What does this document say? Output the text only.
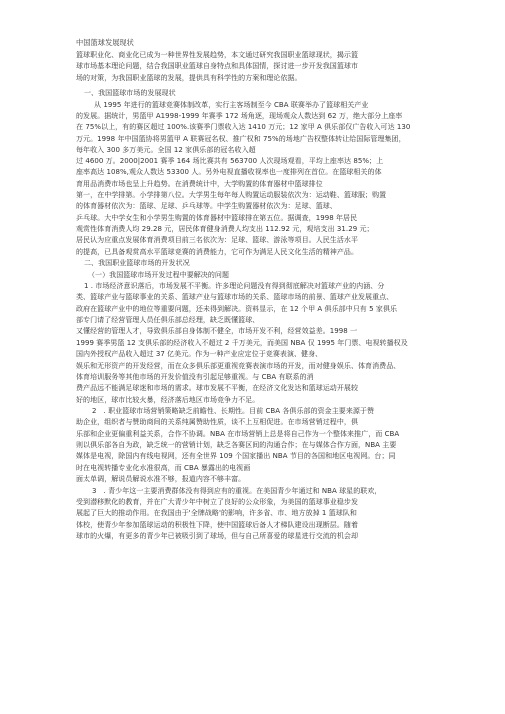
中国篮球发展现状
篮球职业化、商业化已成为一种世界性发展趋势，本文通过研究我国职业篮球现状，揭示篮
球市场基本理论问题，结合我国职业篮球自身特点和具体国情，探讨进一步开发我国篮球市
场的对策，为我国职业篮球的发展，提供具有科学性的方案和理论依据。
一、我国篮球市场的发展现状
从 1995 年进行的篮球竞赛体制改革，实行主客场制至今 CBA 联赛举办了篮球相关产业
的发展。据统计，男篮甲 A1998-1999 年赛季 172 场角逐，现场观众人数达到 62 万，绝大部分上座率
在 75%以上，有的赛区超过 100%.该赛季门票收入达 1410 万元；12 家甲 A 俱乐部仅广告收入可达 130
万元。1998 年中国篮协将男篮甲 A 联赛冠名权、推广权和 75%的场地广告权整体转让给国际管理集团，
每年收入 300 多万美元。全国 12 家俱乐部的冠名收入超
过 4600 万。2000|2001 赛季 164 场比赛共有 563700 人次现场观看，平均上座率达 85%；上
座率高达 108%,观众人数达 53300 人。另外电视直播收视率也一度排列在首位。在篮球相关的体
育用品消费市场也呈上升趋势。在消费统计中，大学购置的体育器材中篮球排位
第一，在中学排第。小学排第八位。大学男生每年每人购置运动服装依次为：运动鞋、篮球服；购置
的体育器材依次为：篮球、足球、乒乓球等。中学生购置器材依次为：足球、篮球、
乒乓球。大中学女生和小学男生购置的体育器材中篮球排在第五位。据调查，1998 年居民
观赏性体育消费人均 29.28 元，居民体育健身消费人均支出 112.92 元，观培支出 31.29 元；
居民认为应重点发展体育消费项目前三名依次为：足球、篮球、游泳等项目。人民生活水平
的提高，已具备观赏高水平篮球竞赛的消费能力，它可作为满足人民文化生活的精神产品。
二、我国职业篮球市场的开发状况
（一）我国篮球市场开发过程中要解决的问题
1 . 市场经济意识落后，市场发展不平衡。许多理论问题没有得到彻底解决对篮球产业的内涵、分
类、篮球产业与篮球事业的关系、篮球产业与篮球市场的关系、篮球市场的前景、篮球产业发展重点、
政府在篮球产业中的地位等重要问题，还未得到解决。资料显示，在 12 个甲 A 俱乐部中只有 5 家俱乐
部专门请了经营管理人员任俱乐部总经理，缺乏既懂篮球、
又懂经营的管理人才，导致俱乐部自身体制不健全，市场开发不利，经营效益差。1998 一
1999 赛季男篮 12 支俱乐部的经济收入不超过 2 千万美元，而美国 NBA 仅 1995 年门票、电视转播权及
国内外授权产品收入超过 37 亿美元。作为一种产业应定位于竞赛表演、健身、
娱乐和无形资产的开发经营，而在众多俱乐部更重视竞赛表演市场的开发，而对健身娱乐、体育消费品、
体育培训服务等其他市场的开发价值没有引起足够重视。与 CBA 有联系的消
费产品远不能满足球迷和市场的需求。球市发展不平衡，在经济文化发达和篮球运动开展较
好的地区，球市比较火暴，经济落后地区市场竞争力不足。
2　. 职业篮球市场营销策略缺乏前瞻性、长期性。目前 CBA 各俱乐部的资金主要来源于赞
助企业，组织者与赞助商间的关系纯属赞助性质，谈不上互相促进。在市场营销过程中，俱
乐部和企业更偏重利益关系，合作不协调。NBA 在市场营销上总是将自己作为一个整体来推广，而 CBA
则以俱乐部各自为政，缺乏统一的营销计划，缺乏各赛区间的沟通合作；在与媒体合作方面，NBA 主要
媒体是电视，除国内有线电视网，还有全世界 109 个国家播出 NBA 节目的各国和地区电视网。台；同
时在电视转播专业化水准很高，而 CBA 暴露出的电视画
面太单调，解说员解说水准不够，报道内容不够丰富。
3　. 青少年这一主要消费群体没有得到应有的重视。在美国青少年通过和 NBA 球星的联欢，
受到潜移默化的教育，并在广大青少年中树立了良好的公众形象，为美国的篮球事业稳步发
展起了巨大的推动作用。在我国由于'全牌战略'的影响，许多省、市、地方放掉 1 篮球队和
体校，使青少年参加篮球运动的积极性下降，使中国篮球后备人才梯队建设出现断层。随着
球市的火爆，有更多的青少年已被吸引到了球场，但与自己所喜爱的球星进行交流的机会却
